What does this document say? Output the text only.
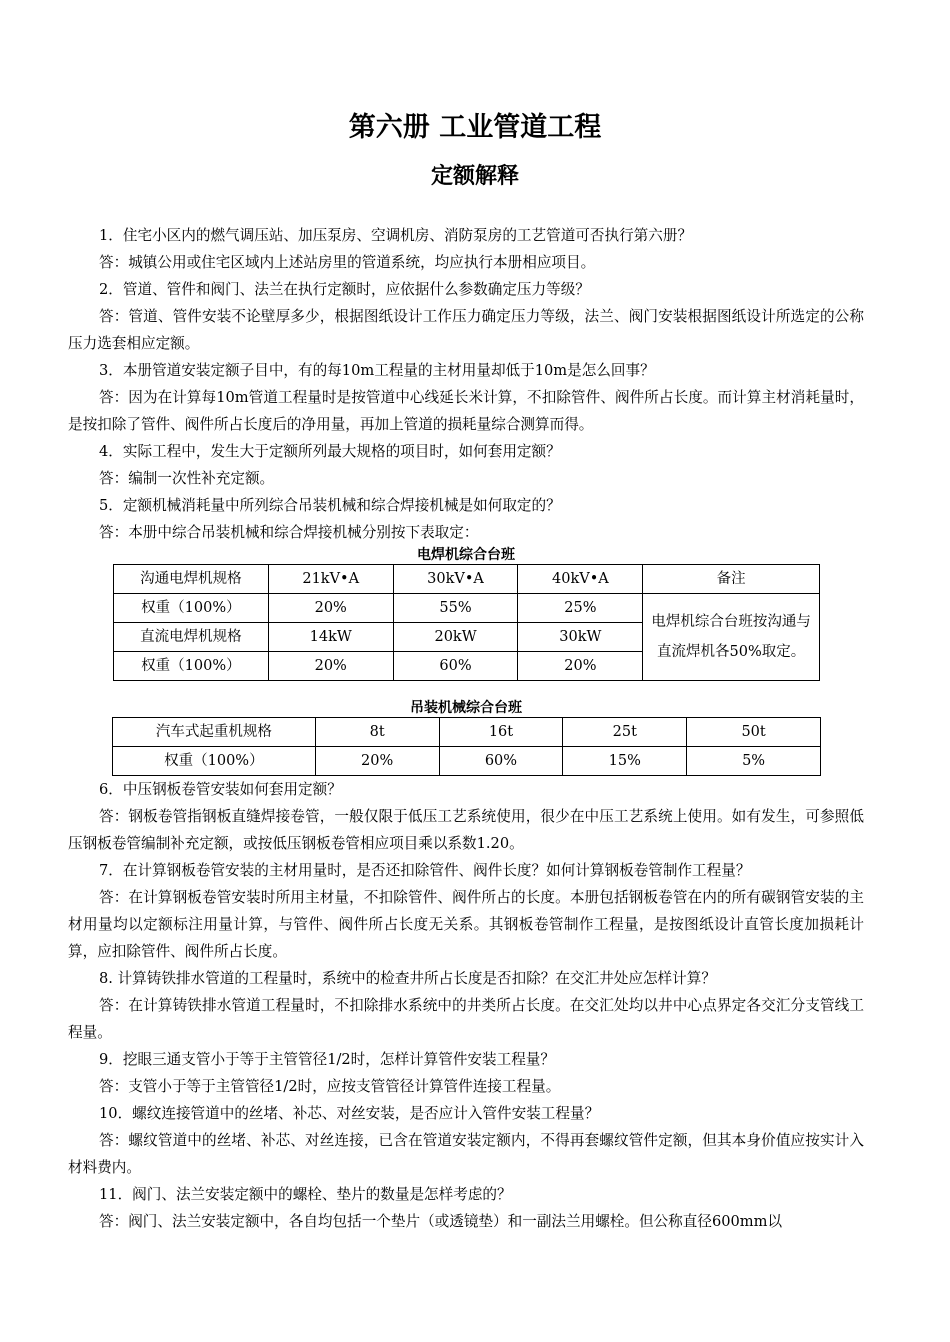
第六册 工业管道工程
定额解释

1．住宅小区内的燃气调压站、加压泵房、空调机房、消防泵房的工艺管道可否执行第六册？

答：城镇公用或住宅区域内上述站房里的管道系统，均应执行本册相应项目。

2．管道、管件和阀门、法兰在执行定额时，应依据什么参数确定压力等级？

答：管道、管件安装不论壁厚多少，根据图纸设计工作压力确定压力等级，法兰、阀门安装根据图纸设计所选定的公称压力选套相应定额。

3．本册管道安装定额子目中，有的每10m工程量的主材用量却低于10m是怎么回事？

答：因为在计算每10m管道工程量时是按管道中心线延长米计算，不扣除管件、阀件所占长度。而计算主材消耗量时，是按扣除了管件、阀件所占长度后的净用量，再加上管道的损耗量综合测算而得。

4．实际工程中，发生大于定额所列最大规格的项目时，如何套用定额？

答：编制一次性补充定额。

5．定额机械消耗量中所列综合吊装机械和综合焊接机械是如何取定的？

答：本册中综合吊装机械和综合焊接机械分别按下表取定：

电焊机综合台班
沟通电焊机规格	21kV•A	30kV•A	40kV•A	备注
权重（100%）	20%	55%	25%	电焊机综合台班按沟通与直流焊机各50%取定。

直流电焊机规格	14kW	20kW	30kW	
权重（100%）	20%	60%	20%	
吊装机械综合台班
汽车式起重机规格	8t	16t	25t	50t
权重（100%）	20%	60%	15%	5%

6．中压钢板卷管安装如何套用定额？

答：钢板卷管指钢板直缝焊接卷管，一般仅限于低压工艺系统使用，很少在中压工艺系统上使用。如有发生，可参照低压钢板卷管编制补充定额，或按低压钢板卷管相应项目乘以系数1.20。

7．在计算钢板卷管安装的主材用量时，是否还扣除管件、阀件长度？如何计算钢板卷管制作工程量？

答：在计算钢板卷管安装时所用主材量，不扣除管件、阀件所占的长度。本册包括钢板卷管在内的所有碳钢管安装的主材用量均以定额标注用量计算，与管件、阀件所占长度无关系。其钢板卷管制作工程量，是按图纸设计直管长度加损耗计算，应扣除管件、阀件所占长度。

8. 计算铸铁排水管道的工程量时，系统中的检查井所占长度是否扣除？在交汇井处应怎样计算？

答：在计算铸铁排水管道工程量时，不扣除排水系统中的井类所占长度。在交汇处均以井中心点界定各交汇分支管线工程量。

9．挖眼三通支管小于等于主管管径1/2时，怎样计算管件安装工程量？

答：支管小于等于主管管径1/2时，应按支管管径计算管件连接工程量。

10．螺纹连接管道中的丝堵、补芯、对丝安装，是否应计入管件安装工程量？

答：螺纹管道中的丝堵、补芯、对丝连接，已含在管道安装定额内，不得再套螺纹管件定额，但其本身价值应按实计入材料费内。

11．阀门、法兰安装定额中的螺栓、垫片的数量是怎样考虑的？

答：阀门、法兰安装定额中，各自均包括一个垫片（或透镜垫）和一副法兰用螺栓。但公称直径600mm以
